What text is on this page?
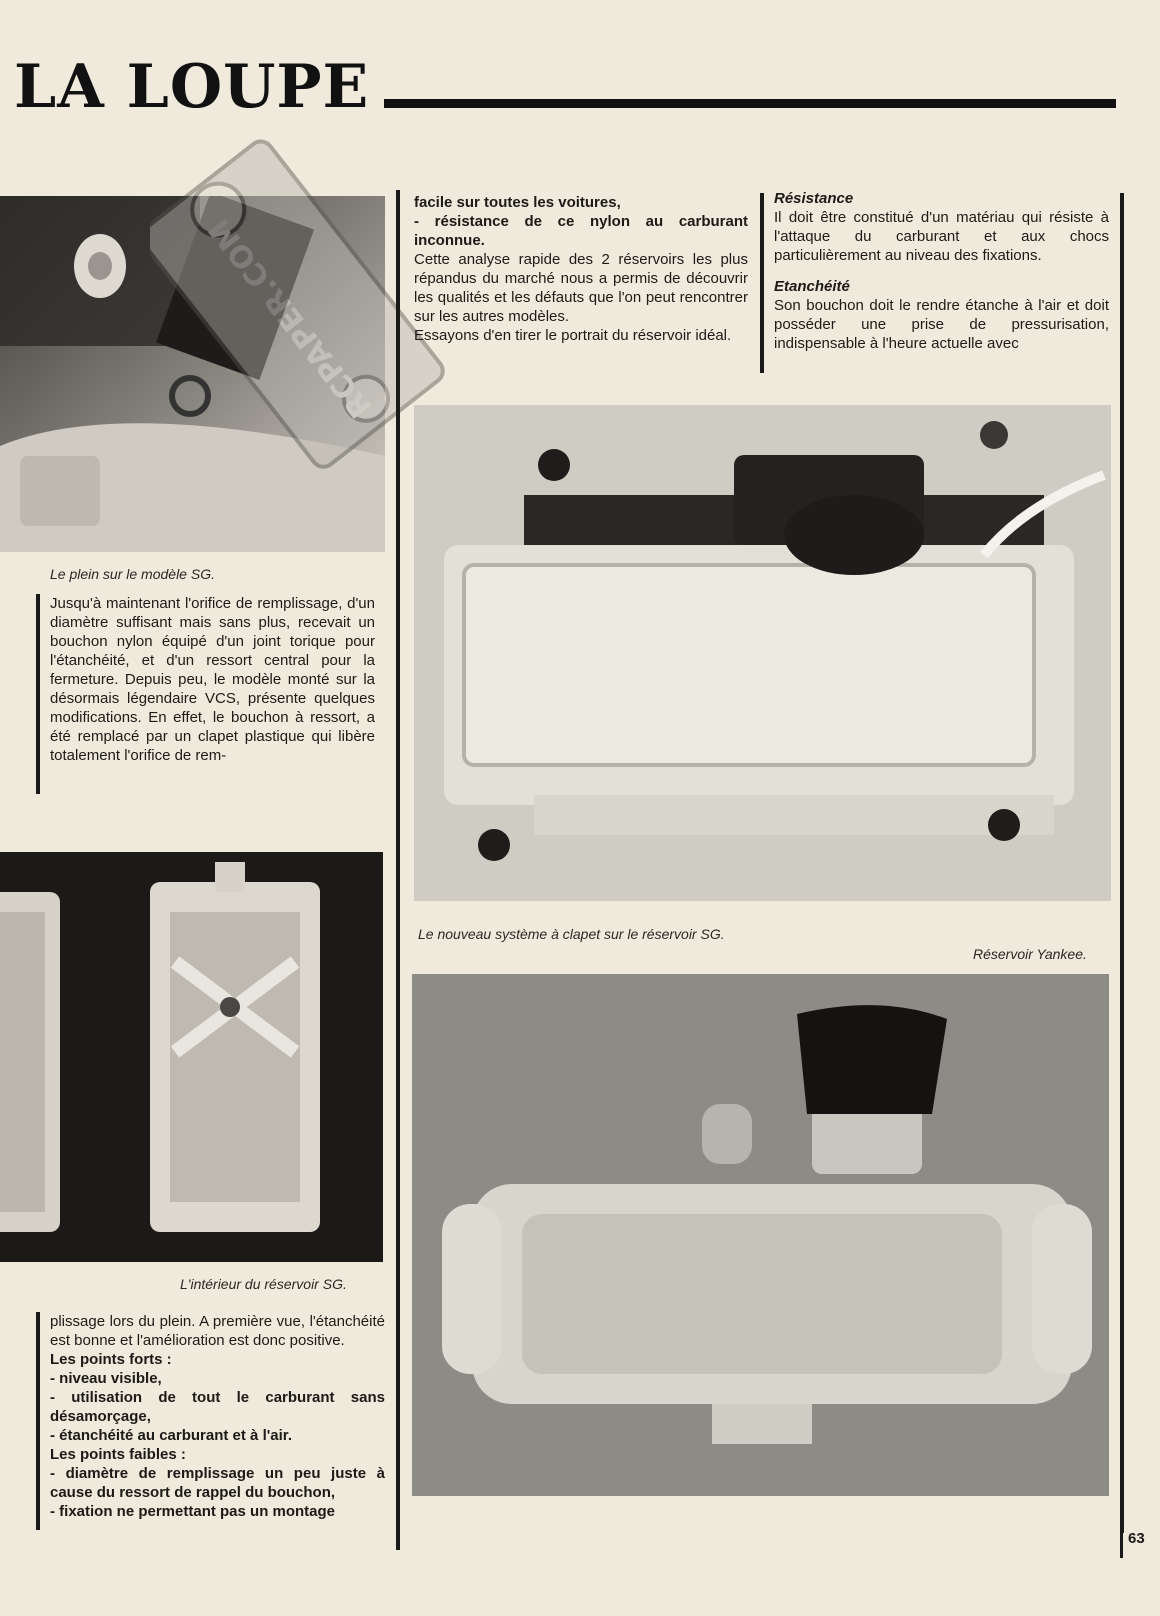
LA LOUPE

Le plein sur le modèle SG.

RCPAPER.COM

Jusqu'à maintenant l'orifice de remplissage, d'un diamètre suffisant mais sans plus, recevait un bouchon nylon équipé d'un joint torique pour l'étanchéité, et d'un ressort central pour la fermeture. Depuis peu, le modèle monté sur la désormais légendaire VCS, présente quelques modifications. En effet, le bouchon à ressort, a été remplacé par un clapet plastique qui libère totalement l'orifice de rem-

L'intérieur du réservoir SG.

plissage lors du plein. A première vue, l'étanchéité est bonne et l'amélioration est donc positive.

Les points forts :

- niveau visible,

- utilisation de tout le carburant sans désamorçage,

- étanchéité au carburant et à l'air.

Les points faibles :

- diamètre de remplissage un peu juste à cause du ressort de rappel du bouchon,

- fixation ne permettant pas un montage

facile sur toutes les voitures,

- résistance de ce nylon au carburant inconnue.

Cette analyse rapide des 2 réservoirs les plus répandus du marché nous a permis de découvrir les qualités et les défauts que l'on peut rencontrer sur les autres modèles.

Essayons d'en tirer le portrait du réservoir idéal.

Résistance

Il doit être constitué d'un matériau qui résiste à l'attaque du carburant et aux chocs particulièrement au niveau des fixations.

Etanchéité

Son bouchon doit le rendre étanche à l'air et doit posséder une prise de pressurisation, indispensable à l'heure actuelle avec

Le nouveau système à clapet sur le réservoir SG.

Réservoir Yankee.

63
